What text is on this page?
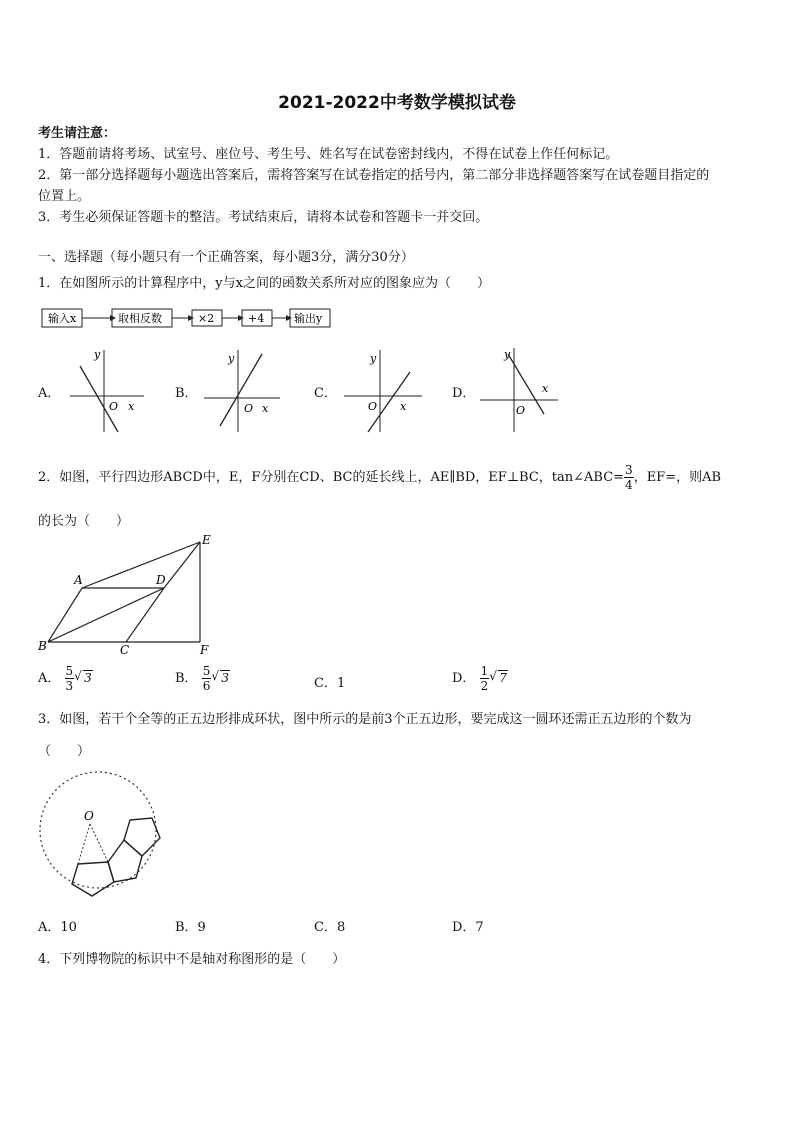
2021-2022中考数学模拟试卷
考生请注意：
1．答题前请将考场、试室号、座位号、考生号、姓名写在试卷密封线内，不得在试卷上作任何标记。
2．第一部分选择题每小题选出答案后，需将答案写在试卷指定的括号内，第二部分非选择题答案写在试卷题目指定的
位置上。
3．考生必须保证答题卡的整洁。考试结束后，请将本试卷和答题卡一并交回。
一、选择题（每小题只有一个正确答案，每小题3分，满分30分）
1．在如图所示的计算程序中，y与x之间的函数关系所对应的图象应为（　　）
输入x	取相反数	×2	+4	输出y
A．
y
O x
B．
y
O x
C．
y
O x
D．
y
O
x
2．如图，平行四边形ABCD中，E，F分别在CD、BC的延长线上，AE∥BD，EF⊥BC，tan∠ABC= $\frac{3}{4}$ ，EF=，则AB
的长为（　　）
A
B	C
D
E
F
A． $\frac{5}{3}$ √ 3	B． $\frac{5}{6}$ √ 3	C．1	D． $\frac{1}{2}$ √ 7
3．如图，若干个全等的正五边形排成环状，图中所示的是前3个正五边形，要完成这一圆环还需正五边形的个数为
（　　）
O
A．10	B．9	C．8	D．7
4．下列博物院的标识中不是轴对称图形的是（　　）
